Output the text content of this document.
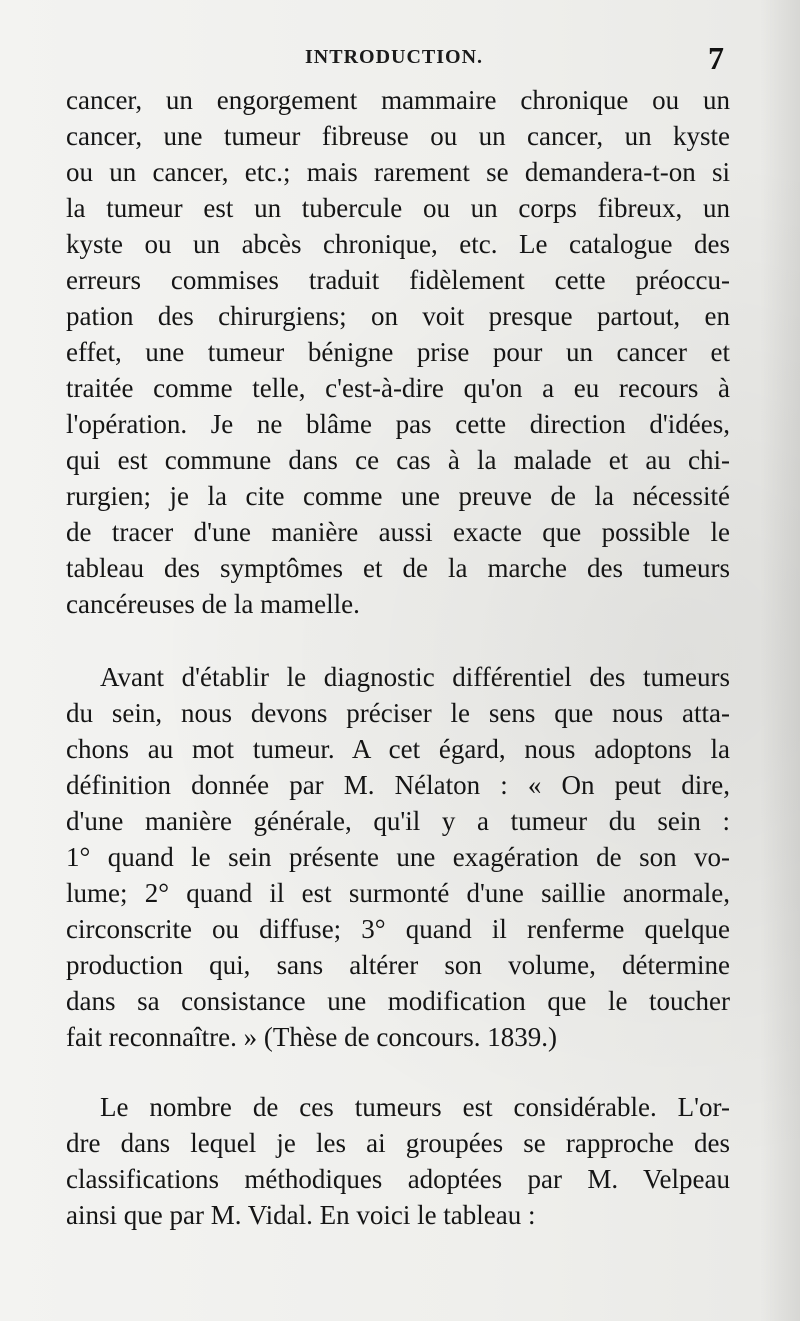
INTRODUCTION.	7
cancer, un engorgement mammaire chronique ou un
cancer, une tumeur fibreuse ou un cancer, un kyste
ou un cancer, etc.; mais rarement se demandera-t-on si
la tumeur est un tubercule ou un corps fibreux, un
kyste ou un abcès chronique, etc. Le catalogue des
erreurs commises traduit fidèlement cette préoccu-
pation des chirurgiens; on voit presque partout, en
effet, une tumeur bénigne prise pour un cancer et
traitée comme telle, c'est-à-dire qu'on a eu recours à
l'opération. Je ne blâme pas cette direction d'idées,
qui est commune dans ce cas à la malade et au chi-
rurgien; je la cite comme une preuve de la nécessité
de tracer d'une manière aussi exacte que possible le
tableau des symptômes et de la marche des tumeurs
cancéreuses de la mamelle.
Avant d'établir le diagnostic différentiel des tumeurs
du sein, nous devons préciser le sens que nous atta-
chons au mot tumeur. A cet égard, nous adoptons la
définition donnée par M. Nélaton : « On peut dire,
d'une manière générale, qu'il y a tumeur du sein :
1° quand le sein présente une exagération de son vo-
lume; 2° quand il est surmonté d'une saillie anormale,
circonscrite ou diffuse; 3° quand il renferme quelque
production qui, sans altérer son volume, détermine
dans sa consistance une modification que le toucher
fait reconnaître. » (Thèse de concours. 1839.)
Le nombre de ces tumeurs est considérable. L'or-
dre dans lequel je les ai groupées se rapproche des
classifications méthodiques adoptées par M. Velpeau
ainsi que par M. Vidal. En voici le tableau :
